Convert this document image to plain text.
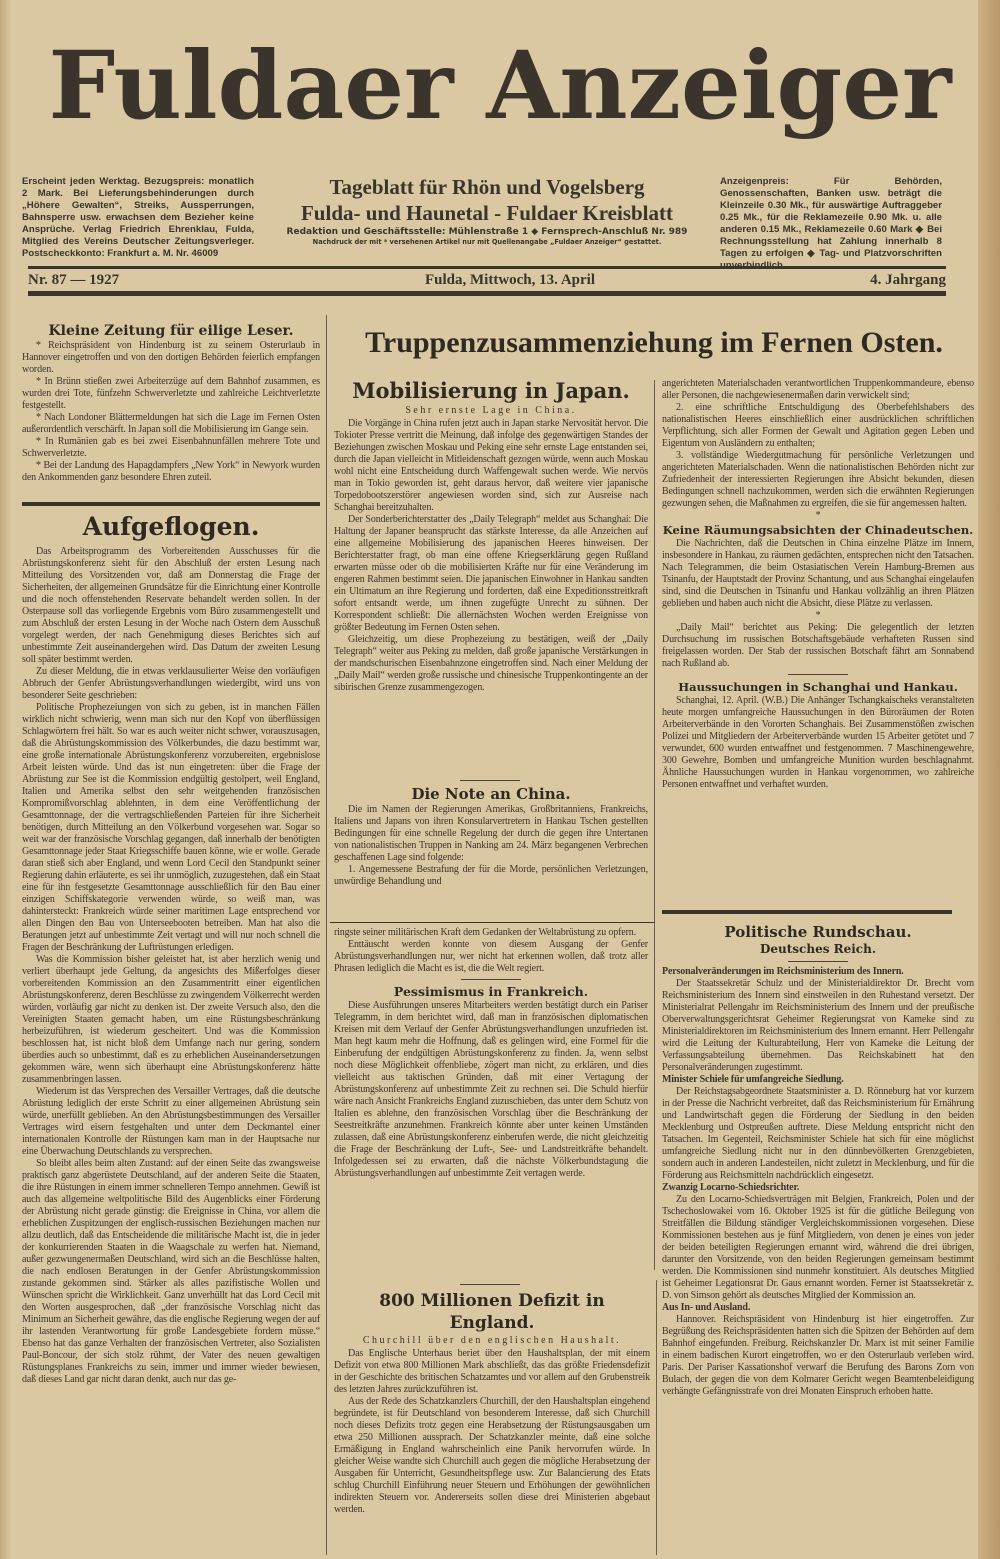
Fuldaer Anzeiger
Erscheint jeden Werktag. Bezugspreis: monatlich 2 Mark. Bei Lieferungsbehinderungen durch „Höhere Gewalten“, Streiks, Aussperrungen, Bahnsperre usw. erwachsen dem Bezieher keine Ansprüche. Verlag Friedrich Ehrenklau, Fulda, Mitglied des Vereins Deutscher Zeitungsverleger. Postscheckkonto: Frankfurt a. M. Nr. 46009
Tageblatt für Rhön und Vogelsberg
Fulda- und Haunetal - Fuldaer Kreisblatt
Redaktion und Geschäftsstelle: Mühlenstraße 1 ◆ Fernsprech-Anschluß Nr. 989
Nachdruck der mit * versehenen Artikel nur mit Quellenangabe „Fuldaer Anzeiger“ gestattet.
Anzeigenpreis: Für Behörden, Genossenschaften, Banken usw. beträgt die Kleinzeile 0.30 Mk., für auswärtige Auftraggeber 0.25 Mk., für die Reklamezeile 0.90 Mk. u. alle anderen 0.15 Mk., Reklamezeile 0.60 Mark ◆ Bei Rechnungsstellung hat Zahlung innerhalb 8 Tagen zu erfolgen ◆ Tag- und Platzvorschriften
Nr. 87 — 1927	Fulda, Mittwoch, 13. April	4. Jahrgang
Kleine Zeitung für eilige Leser.

* Reichspräsident von Hindenburg ist zu seinem Osterurlaub in Hannover eingetroffen und von den dortigen Behörden feierlich empfangen worden.

* In Brünn stießen zwei Arbeiterzüge auf dem Bahnhof zusammen, es wurden drei Tote, fünfzehn Schwerverletzte und zahlreiche Leichtverletzte festgestellt.

* Nach Londoner Blättermeldungen hat sich die Lage im Fernen Osten außerordentlich verschärft. In Japan soll die Mobilisierung im Gange sein.

* In Rumänien gab es bei zwei Eisenbahnunfällen mehrere Tote und Schwerverletzte.

* Bei der Landung des Hapagdampfers „New York“ in Newyork wurden den Ankommenden ganz besondere Ehren zuteil.

Aufgeflogen.

Das Arbeitsprogramm des Vorbereitenden Ausschusses für die Abrüstungskonferenz sieht für den Abschluß der ersten Lesung nach Mitteilung des Vorsitzenden vor, daß am Donnerstag die Frage der Sicherheiten, der allgemeinen Grundsätze für die Einrichtung einer Kontrolle und die noch offenstehenden Reservate behandelt werden sollen. In der Osterpause soll das vorliegende Ergebnis vom Büro zusammengestellt und zum Abschluß der ersten Lesung in der Woche nach Ostern dem Ausschuß vorgelegt werden, der nach Genehmigung dieses Berichtes sich auf unbestimmte Zeit auseinandergehen wird. Das Datum der zweiten Lesung soll später bestimmt werden.

Zu dieser Meldung, die in etwas verklausulierter Weise den vorläufigen Abbruch der Genfer Abrüstungsverhandlungen wiedergibt, wird uns von besonderer Seite geschrieben:

Politische Prophezeiungen von sich zu geben, ist in manchen Fällen wirklich nicht schwierig, wenn man sich nur den Kopf von überflüssigen Schlagwörtern frei hält. So war es auch weiter nicht schwer, vorauszusagen, daß die Abrüstungskommission des Völkerbundes, die dazu bestimmt war, eine große internationale Abrüstungskonferenz vorzubereiten, ergebnislose Arbeit leisten würde. Und das ist nun eingetreten: über die Frage der Abrüstung zur See ist die Kommission endgültig gestolpert, weil England, Italien und Amerika selbst den sehr weitgehenden französischen Kompromißvorschlag ablehnten, in dem eine Veröffentlichung der Gesamttonnage, der die vertragschließenden Parteien für ihre Sicherheit benötigen, durch Mitteilung an den Völkerbund vorgesehen war. Sogar so weit war der französische Vorschlag gegangen, daß innerhalb der benötigten Gesamttonnage jeder Staat Kriegsschiffe bauen könne, wie er wolle. Gerade daran stieß sich aber England, und wenn Lord Cecil den Standpunkt seiner Regierung dahin erläuterte, es sei ihr unmöglich, zuzugestehen, daß ein Staat eine für ihn festgesetzte Gesamttonnage ausschließlich für den Bau einer einzigen Schiffskategorie verwenden würde, so weiß man, was dahintersteckt: Frankreich würde seiner maritimen Lage entsprechend vor allen Dingen den Bau von Unterseebooten betreiben. Man hat also die Beratungen jetzt auf unbestimmte Zeit vertagt und will nur noch schnell die Fragen der Beschränkung der Luftrüstungen erledigen.

Was die Kommission bisher geleistet hat, ist aber herzlich wenig und verliert überhaupt jede Geltung, da angesichts des Mißerfolges dieser vorbereitenden Kommission an den Zusammentritt einer eigentlichen Abrüstungskonferenz, deren Beschlüsse zu zwingendem Völkerrecht werden würden, vorläufig gar nicht zu denken ist. Der zweite Versuch also, den die Vereinigten Staaten gemacht haben, um eine Rüstungsbeschränkung herbeizuführen, ist wiederum gescheitert. Und was die Kommission beschlossen hat, ist nicht bloß dem Umfange nach nur gering, sondern überdies auch so unbestimmt, daß es zu erheblichen Auseinandersetzungen gekommen wäre, wenn sich überhaupt eine Abrüstungskonferenz hätte zusammenbringen lassen.

Wiederum ist das Versprechen des Versailler Vertrages, daß die deutsche Abrüstung lediglich der erste Schritt zu einer allgemeinen Abrüstung sein würde, unerfüllt geblieben. An den Abrüstungsbestimmungen des Versailler Vertrages wird eisern festgehalten und unter dem Deckmantel einer internationalen Kontrolle der Rüstungen kam man in der Hauptsache nur eine Überwachung Deutschlands zu versprechen.

So bleibt alles beim alten Zustand: auf der einen Seite das zwangsweise praktisch ganz abgerüstete Deutschland, auf der anderen Seite die Staaten, die ihre Rüstungen in einem immer schnelleren Tempo annehmen. Gewiß ist auch das allgemeine weltpolitische Bild des Augenblicks einer Förderung der Abrüstung nicht gerade günstig: die Ereignisse in China, vor allem die erheblichen Zuspitzungen der englisch-russischen Beziehungen machen nur allzu deutlich, daß das Entscheidende die militärische Macht ist, die in jeder der konkurrierenden Staaten in die Waagschale zu werfen hat. Niemand, außer gezwungenermaßen Deutschland, wird sich an die Beschlüsse halten, die nach endlosen Beratungen in der Genfer Abrüstungskommission zustande gekommen sind. Stärker als alles pazifistische Wollen und Wünschen spricht die Wirklichkeit. Ganz unverhüllt hat das Lord Cecil mit den Worten ausgesprochen, daß „der französische Vorschlag nicht das Minimum an Sicherheit gewähre, das die englische Regierung wegen der auf ihr lastenden Verantwortung für große Landesgebiete fordern müsse.“ Ebenso hat das ganze Verhalten der französischen Vertreter, also Sozialisten Paul-Boncour, der sich stolz rühmt, der Vater des neuen gewaltigen Rüstungsplanes Frankreichs zu sein, immer und immer wieder bewiesen, daß dieses Land gar nicht daran denkt, auch nur das ge-

Truppenzusammenziehung im Fernen Osten.
Mobilisierung in Japan.
Sehr ernste Lage in China.

Die Vorgänge in China rufen jetzt auch in Japan starke Nervosität hervor. Die Tokioter Presse vertritt die Meinung, daß infolge des gegenwärtigen Standes der Beziehungen zwischen Moskau und Peking eine sehr ernste Lage entstanden sei, durch die Japan vielleicht in Mitleidenschaft gezogen würde, wenn auch Moskau wohl nicht eine Entscheidung durch Waffengewalt suchen werde. Wie nervös man in Tokio geworden ist, geht daraus hervor, daß weitere vier japanische Torpedobootszerstörer angewiesen worden sind, sich zur Ausreise nach Schanghai bereitzuhalten.

Der Sonderberichterstatter des „Daily Telegraph“ meldet aus Schanghai: Die Haltung der Japaner beansprucht das stärkste Interesse, da alle Anzeichen auf eine allgemeine Mobilisierung des japanischen Heeres hinweisen. Der Berichterstatter fragt, ob man eine offene Kriegserklärung gegen Rußland erwarten müsse oder ob die mobilisierten Kräfte nur für eine Veränderung im engeren Rahmen bestimmt seien. Die japanischen Einwohner in Hankau sandten ein Ultimatum an ihre Regierung und forderten, daß eine Expeditionsstreitkraft sofort entsandt werde, um ihnen zugefügte Unrecht zu sühnen. Der Korrespondent schließt: Die allernächsten Wochen werden Ereignisse von größter Bedeutung im Fernen Osten sehen.

Gleichzeitig, um diese Prophezeiung zu bestätigen, weiß der „Daily Telegraph“ weiter aus Peking zu melden, daß große japanische Verstärkungen in der mandschurischen Eisenbahnzone eingetroffen sind. Nach einer Meldung der „Daily Mail“ werden große russische und chinesische Truppenkontingente an der sibirischen Grenze zusammengezogen.

Die Note an China.

Die im Namen der Regierungen Amerikas, Großbritanniens, Frankreichs, Italiens und Japans von ihren Konsularvertretern in Hankau Tschen gestellten Bedingungen für eine schnelle Regelung der durch die gegen ihre Untertanen von nationalistischen Truppen in Nanking am 24. März begangenen Verbrechen geschaffenen Lage sind folgende:

1. Angemessene Bestrafung der für die Morde, persönlichen Verletzungen, unwürdige Behandlung und

ringste seiner militärischen Kraft dem Gedanken der Weltabrüstung zu opfern.

Enttäuscht werden konnte von diesem Ausgang der Genfer Abrüstungsverhandlungen nur, wer nicht hat erkennen wollen, daß trotz aller Phrasen lediglich die Macht es ist, die die Welt regiert.

Pessimismus in Frankreich.

Diese Ausführungen unseres Mitarbeiters werden bestätigt durch ein Pariser Telegramm, in dem berichtet wird, daß man in französischen diplomatischen Kreisen mit dem Verlauf der Genfer Abrüstungsverhandlungen unzufrieden ist. Man hegt kaum mehr die Hoffnung, daß es gelingen wird, eine Formel für die Einberufung der endgültigen Abrüstungskonferenz zu finden. Ja, wenn selbst noch diese Möglichkeit offenbliebe, zögert man nicht, zu erklären, und dies vielleicht aus taktischen Gründen, daß mit einer Vertagung der Abrüstungskonferenz auf unbestimmte Zeit zu rechnen sei. Die Schuld hierfür wäre nach Ansicht Frankreichs England zuzuschieben, das unter dem Schutz von Italien es ablehne, den französischen Vorschlag über die Beschränkung der Seestreitkräfte anzunehmen. Frankreich könnte aber unter keinen Umständen zulassen, daß eine Abrüstungskonferenz einberufen werde, die nicht gleichzeitig die Frage der Beschränkung der Luft-, See- und Landstreitkräfte behandelt. Infolgedessen sei zu erwarten, daß die nächste Völkerbundstagung die Abrüstungsverhandlungen auf unbestimmte Zeit vertagen werde.

800 Millionen Defizit in England.
Churchill über den englischen Haushalt.

Das Englische Unterhaus beriet über den Haushaltsplan, der mit einem Defizit von etwa 800 Millionen Mark abschließt, das das größte Friedensdefizit in der Geschichte des britischen Schatzamtes und vor allem auf den Grubenstreik des letzten Jahres zurückzuführen ist.

Aus der Rede des Schatzkanzlers Churchill, der den Haushaltsplan eingehend begründete, ist für Deutschland von besonderem Interesse, daß sich Churchill noch dieses Defizits trotz gegen eine Herabsetzung der Rüstungsausgaben um etwa 250 Millionen aussprach. Der Schatzkanzler meinte, daß eine solche Ermäßigung in England wahrscheinlich eine Panik hervorrufen würde. In gleicher Weise wandte sich Churchill auch gegen die mögliche Herabsetzung der Ausgaben für Unterricht, Gesundheitspflege usw. Zur Balancierung des Etats schlug Churchill Einführung neuer Steuern und Erhöhungen der gewöhnlichen indirekten Steuern vor. Andererseits sollen diese drei Ministerien abgebaut werden.

angerichteten Materialschaden verantwortlichen Truppenkommandeure, ebenso aller Personen, die nachgewiesenermaßen darin verwickelt sind;

2. eine schriftliche Entschuldigung des Oberbefehlshabers des nationalistischen Heeres einschließlich einer ausdrücklichen schriftlichen Verpflichtung, sich aller Formen der Gewalt und Agitation gegen Leben und Eigentum von Ausländern zu enthalten;

3. vollständige Wiedergutmachung für persönliche Verletzungen und angerichteten Materialschaden. Wenn die nationalistischen Behörden nicht zur Zufriedenheit der interessierten Regierungen ihre Absicht bekunden, diesen Bedingungen schnell nachzukommen, werden sich die erwähnten Regierungen gezwungen sehen, die Maßnahmen zu ergreifen, die sie für angemessen halten.

*
Keine Räumungsabsichten der Chinadeutschen.

Die Nachrichten, daß die Deutschen in China einzelne Plätze im Innern, insbesondere in Hankau, zu räumen gedächten, entsprechen nicht den Tatsachen. Nach Telegrammen, die beim Ostasiatischen Verein Hamburg-Bremen aus Tsinanfu, der Hauptstadt der Provinz Schantung, und aus Schanghai eingelaufen sind, sind die Deutschen in Tsinanfu und Hankau vollzählig an ihren Plätzen geblieben und haben auch nicht die Absicht, diese Plätze zu verlassen.

*

„Daily Mail“ berichtet aus Peking: Die gelegentlich der letzten Durchsuchung im russischen Botschaftsgebäude verhafteten Russen sind freigelassen worden. Der Stab der russischen Botschaft fährt am Sonnabend nach Rußland ab.

Haussuchungen in Schanghai und Hankau.

Schanghai, 12. April. (W.B.) Die Anhänger Tschangkaischeks veranstalteten heute morgen umfangreiche Haussuchungen in den Büroräumen der Roten Arbeiterverbände in den Vororten Schanghais. Bei Zusammenstößen zwischen Polizei und Mitgliedern der Arbeiterverbände wurden 15 Arbeiter getötet und 7 verwundet, 600 wurden entwaffnet und festgenommen. 7 Maschinengewehre, 300 Gewehre, Bomben und umfangreiche Munition wurden beschlagnahmt. Ähnliche Haussuchungen wurden in Hankau vorgenommen, wo zahlreiche Personen entwaffnet und verhaftet wurden.

Politische Rundschau.
Deutsches Reich.
Personalveränderungen im Reichsministerium des Innern.

Der Staatssekretär Schulz und der Ministerialdirektor Dr. Brecht vom Reichsministerium des Innern sind einstweilen in den Ruhestand versetzt. Der Ministerialrat Pellengahr im Reichsministerium des Innern und der preußische Oberverwaltungsgerichtsrat Geheimer Regierungsrat von Kameke sind zu Ministerialdirektoren im Reichsministerium des Innern ernannt. Herr Pellengahr wird die Leitung der Kulturabteilung, Herr von Kameke die Leitung der Verfassungsabteilung übernehmen. Das Reichskabinett hat den Personalveränderungen zugestimmt.

Minister Schiele für umfangreiche Siedlung.

Der Reichstagsabgeordnete Staatsminister a. D. Rönneburg hat vor kurzem in der Presse die Nachricht verbreitet, daß das Reichsministerium für Ernährung und Landwirtschaft gegen die Förderung der Siedlung in den beiden Mecklenburg und Ostpreußen auftrete. Diese Meldung entspricht nicht den Tatsachen. Im Gegenteil, Reichsminister Schiele hat sich für eine möglichst umfangreiche Siedlung nicht nur in den dünnbevölkerten Grenzgebieten, sondern auch in anderen Landesteilen, nicht zuletzt in Mecklenburg, und für die Förderung aus Reichsmitteln nachdrücklich eingesetzt.

Zwanzig Locarno-Schiedsrichter.

Zu den Locarno-Schiedsverträgen mit Belgien, Frankreich, Polen und der Tschechoslowakei vom 16. Oktober 1925 ist für die gütliche Beilegung von Streitfällen die Bildung ständiger Vergleichskommissionen vorgesehen. Diese Kommissionen bestehen aus je fünf Mitgliedern, von denen je eines von jeder der beiden beteiligten Regierungen ernannt wird, während die drei übrigen, darunter den Vorsitzende, von den beiden Regierungen gemeinsam bestimmt werden. Die Kommissionen sind nunmehr konstituiert. Als deutsches Mitglied ist Geheimer Legationsrat Dr. Gaus ernannt worden. Ferner ist Staatssekretär z. D. von Simson gehört als deutsches Mitglied der Kommission an.

Aus In- und Ausland.

Hannover. Reichspräsident von Hindenburg ist hier eingetroffen. Zur Begrüßung des Reichspräsidenten hatten sich die Spitzen der Behörden auf dem Bahnhof eingefunden. Freiburg. Reichskanzler Dr. Marx ist mit seiner Familie in einem badischen Kurort eingetroffen, wo er den Osterurlaub verleben wird. Paris. Der Pariser Kassationshof verwarf die Berufung des Barons Zorn von Bulach, der gegen die von dem Kolmarer Gericht wegen Beamtenbeleidigung verhängte Gefängnisstrafe von drei Monaten Einspruch erhoben hatte.
